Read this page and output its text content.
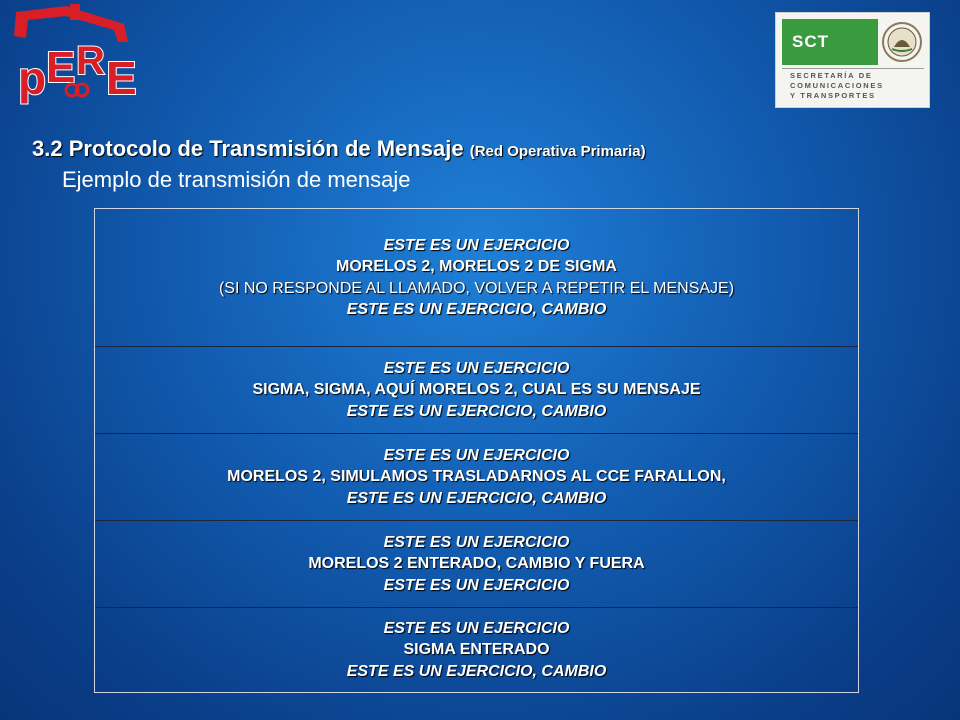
p E R E
SCT
SECRETARÍA DE
COMUNICACIONES
Y TRANSPORTES
3.2 Protocolo de Transmisión de Mensaje (Red Operativa Primaria)
Ejemplo de transmisión de mensaje
ESTE ES UN EJERCICIO
MORELOS 2, MORELOS 2 DE SIGMA
(SI NO RESPONDE AL LLAMADO, VOLVER A REPETIR EL MENSAJE)
ESTE ES UN EJERCICIO, CAMBIO
ESTE ES UN EJERCICIO
SIGMA, SIGMA, AQUÍ MORELOS 2, CUAL ES SU MENSAJE
ESTE ES UN EJERCICIO, CAMBIO
ESTE ES UN EJERCICIO
MORELOS 2, SIMULAMOS TRASLADARNOS AL CCE FARALLON,
ESTE ES UN EJERCICIO, CAMBIO
ESTE ES UN EJERCICIO
MORELOS 2 ENTERADO, CAMBIO Y FUERA
ESTE ES UN EJERCICIO
ESTE ES UN EJERCICIO
SIGMA ENTERADO
ESTE ES UN EJERCICIO, CAMBIO
